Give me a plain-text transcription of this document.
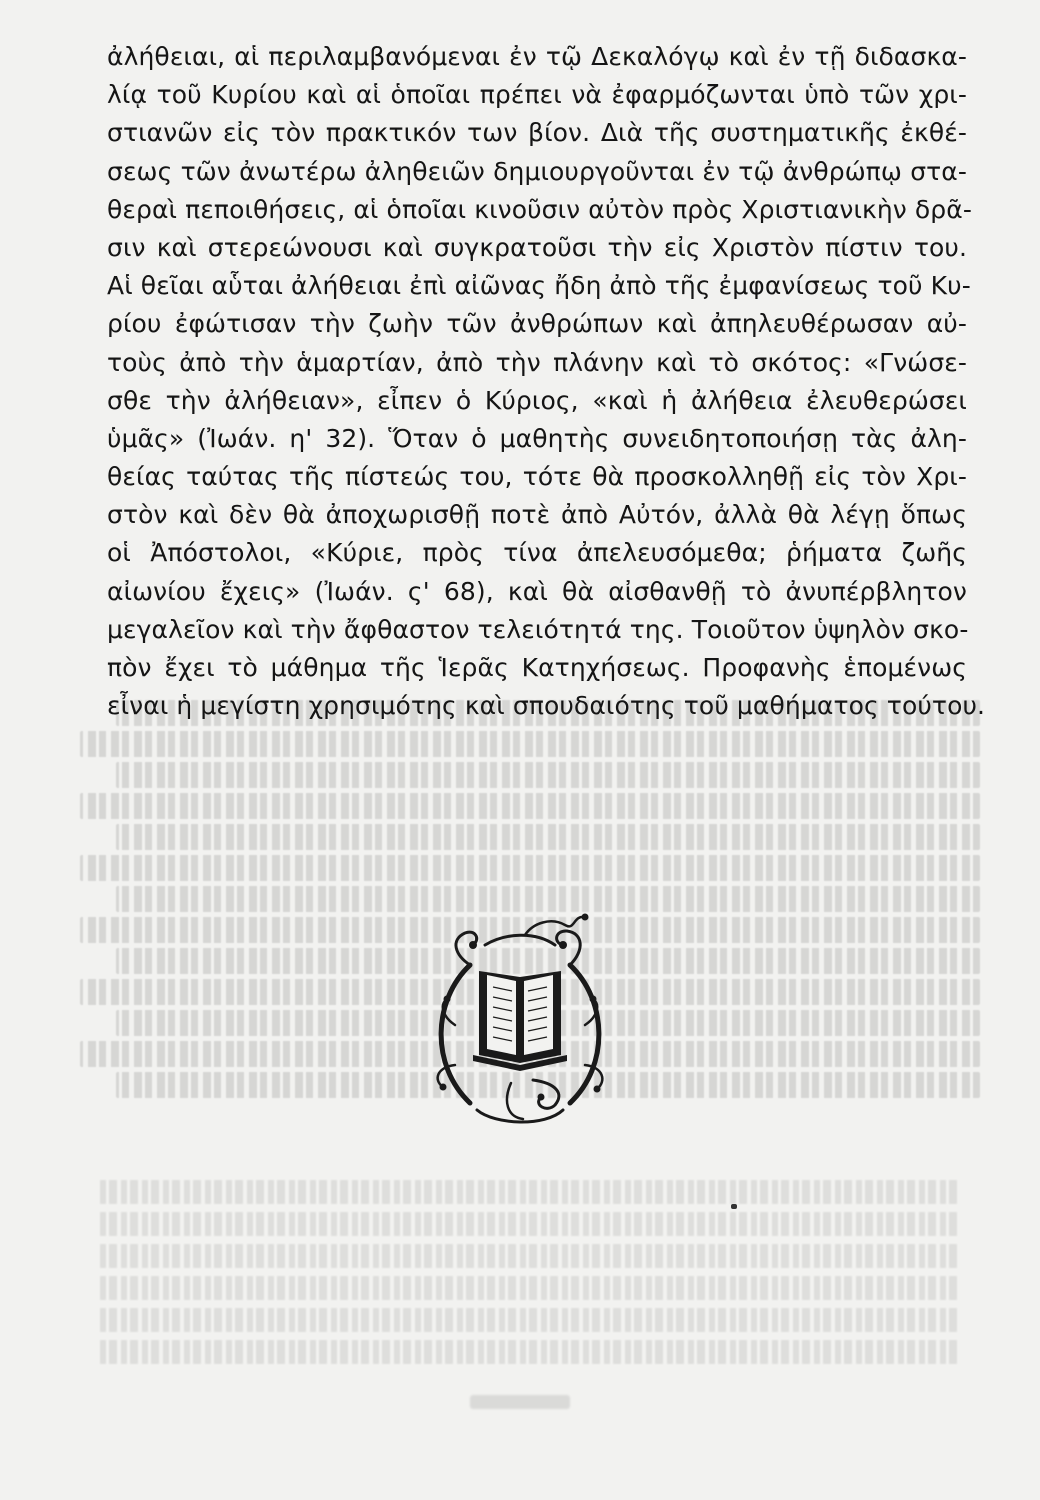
ἀλήθειαι, αἱ περιλαμβανόμεναι ἐν τῷ Δεκαλόγῳ καὶ ἐν τῇ διδασκα-
λίᾳ τοῦ Κυρίου καὶ αἱ ὁποῖαι πρέπει νὰ ἐφαρμόζωνται ὑπὸ τῶν χρι-
στιανῶν εἰς τὸν πρακτικόν των βίον. Διὰ τῆς συστηματικῆς ἐκθέ-
σεως τῶν ἀνωτέρω ἀληθειῶν δημιουργοῦνται ἐν τῷ ἀνθρώπῳ στα-
θεραὶ πεποιθήσεις, αἱ ὁποῖαι κινοῦσιν αὐτὸν πρὸς Χριστιανικὴν δρᾶ-
σιν καὶ στερεώνουσι καὶ συγκρατοῦσι τὴν εἰς Χριστὸν πίστιν του.
Αἱ θεῖαι αὗται ἀλήθειαι ἐπὶ αἰῶνας ἤδη ἀπὸ τῆς ἐμφανίσεως τοῦ Κυ-
ρίου ἐφώτισαν τὴν ζωὴν τῶν ἀνθρώπων καὶ ἀπηλευθέρωσαν αὐ-
τοὺς ἀπὸ τὴν ἁμαρτίαν, ἀπὸ τὴν πλάνην καὶ τὸ σκότος: «Γνώσε-
σθε τὴν ἀλήθειαν», εἶπεν ὁ Κύριος, «καὶ ἡ ἀλήθεια ἐλευθερώσει
ὑμᾶς» (Ἰωάν. η' 32). Ὅταν ὁ μαθητὴς συνειδητοποιήσῃ τὰς ἀλη-
θείας ταύτας τῆς πίστεώς του, τότε θὰ προσκολληθῇ εἰς τὸν Χρι-
στὸν καὶ δὲν θὰ ἀποχωρισθῇ ποτὲ ἀπὸ Αὐτόν, ἀλλὰ θὰ λέγῃ ὅπως
οἱ Ἀπόστολοι, «Κύριε, πρὸς τίνα ἀπελευσόμεθα; ῥήματα ζωῆς
αἰωνίου ἔχεις» (Ἰωάν. ς' 68), καὶ θὰ αἰσθανθῇ τὸ ἀνυπέρβλητον
μεγαλεῖον καὶ τὴν ἄφθαστον τελειότητά της. Τοιοῦτον ὑψηλὸν σκο-
πὸν ἔχει τὸ μάθημα τῆς Ἱερᾶς Κατηχήσεως. Προφανὴς ἑπομένως
εἶναι ἡ μεγίστη χρησιμότης καὶ σπουδαιότης τοῦ μαθήματος τούτου.
